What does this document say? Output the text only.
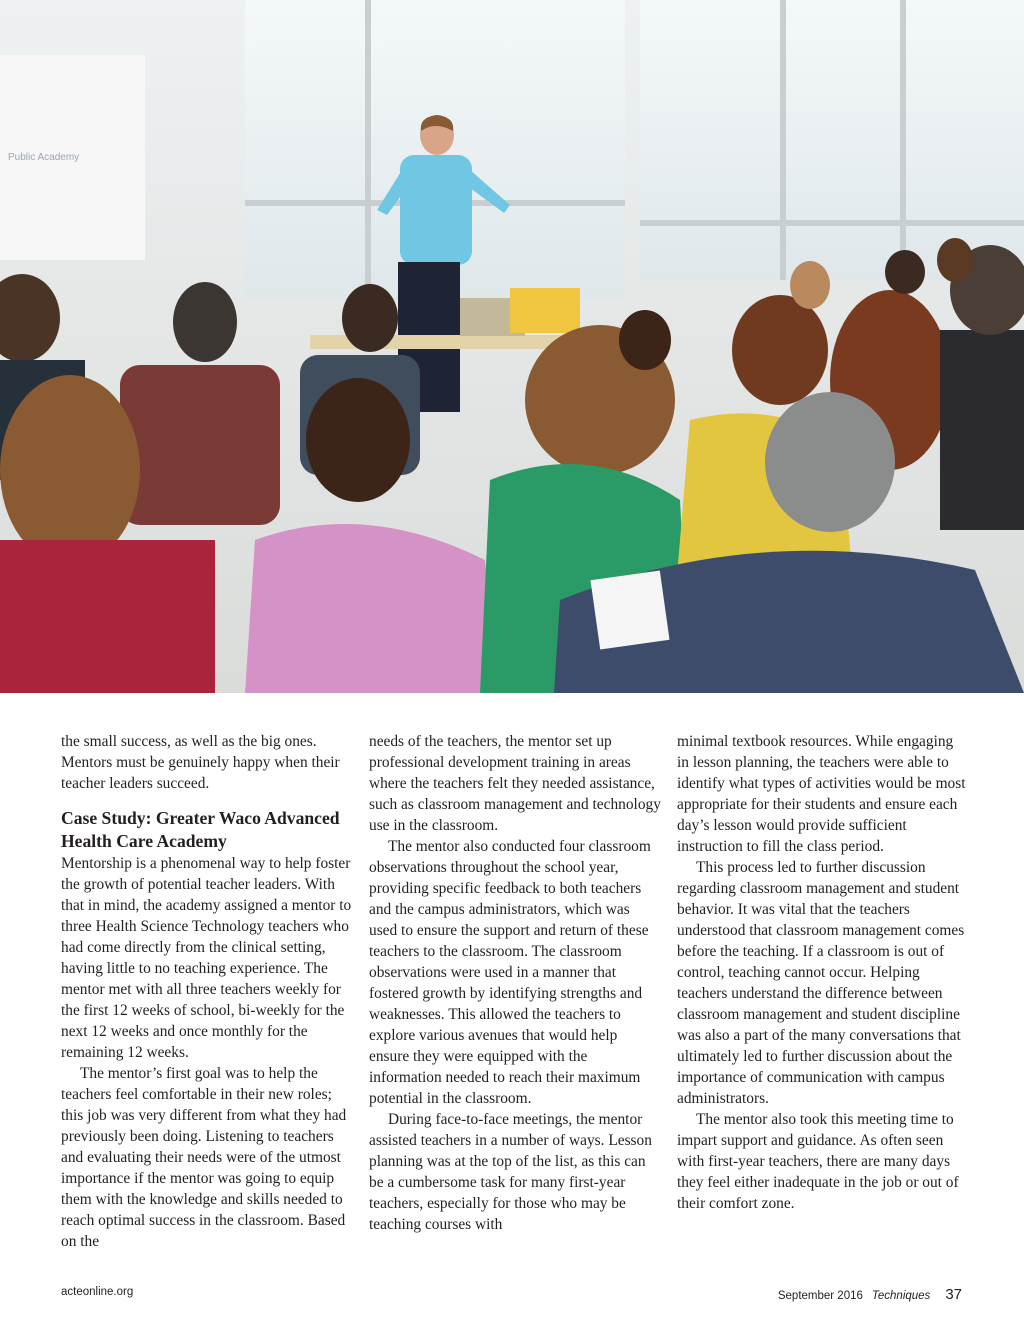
Public Academy

the small success, as well as the big ones. Mentors must be genuinely happy when their teacher leaders succeed.

Case Study: Greater Waco Advanced Health Care Academy

Mentorship is a phenomenal way to help foster the growth of potential teacher leaders. With that in mind, the academy assigned a mentor to three Health Science Technology teachers who had come directly from the clinical setting, having little to no teaching experience. The mentor met with all three teachers weekly for the first 12 weeks of school, bi-weekly for the next 12 weeks and once monthly for the remaining 12 weeks.

The mentor’s first goal was to help the teachers feel comfortable in their new roles; this job was very different from what they had previously been doing. Listening to teachers and evaluating their needs were of the utmost importance if the mentor was going to equip them with the knowledge and skills needed to reach optimal success in the classroom. Based on the

needs of the teachers, the mentor set up professional development training in areas where the teachers felt they needed assistance, such as classroom management and technology use in the classroom.

The mentor also conducted four classroom observations throughout the school year, providing specific feedback to both teachers and the campus administrators, which was used to ensure the support and return of these teachers to the classroom. The classroom observations were used in a manner that fostered growth by identifying strengths and weaknesses. This allowed the teachers to explore various avenues that would help ensure they were equipped with the information needed to reach their maximum potential in the classroom.

During face-to-face meetings, the mentor assisted teachers in a number of ways. Lesson planning was at the top of the list, as this can be a cumbersome task for many first-year teachers, especially for those who may be teaching courses with

minimal textbook resources. While engaging in lesson planning, the teachers were able to identify what types of activities would be most appropriate for their students and ensure each day’s lesson would provide sufficient instruction to fill the class period.

This process led to further discussion regarding classroom management and student behavior. It was vital that the teachers understood that classroom management comes before the teaching. If a classroom is out of control, teaching cannot occur. Helping teachers understand the difference between classroom management and student discipline was also a part of the many conversations that ultimately led to further discussion about the importance of communication with campus administrators.

The mentor also took this meeting time to impart support and guidance. As often seen with first-year teachers, there are many days they feel either inadequate in the job or out of their comfort zone.

acteonline.org	September 2016 Techniques 37
